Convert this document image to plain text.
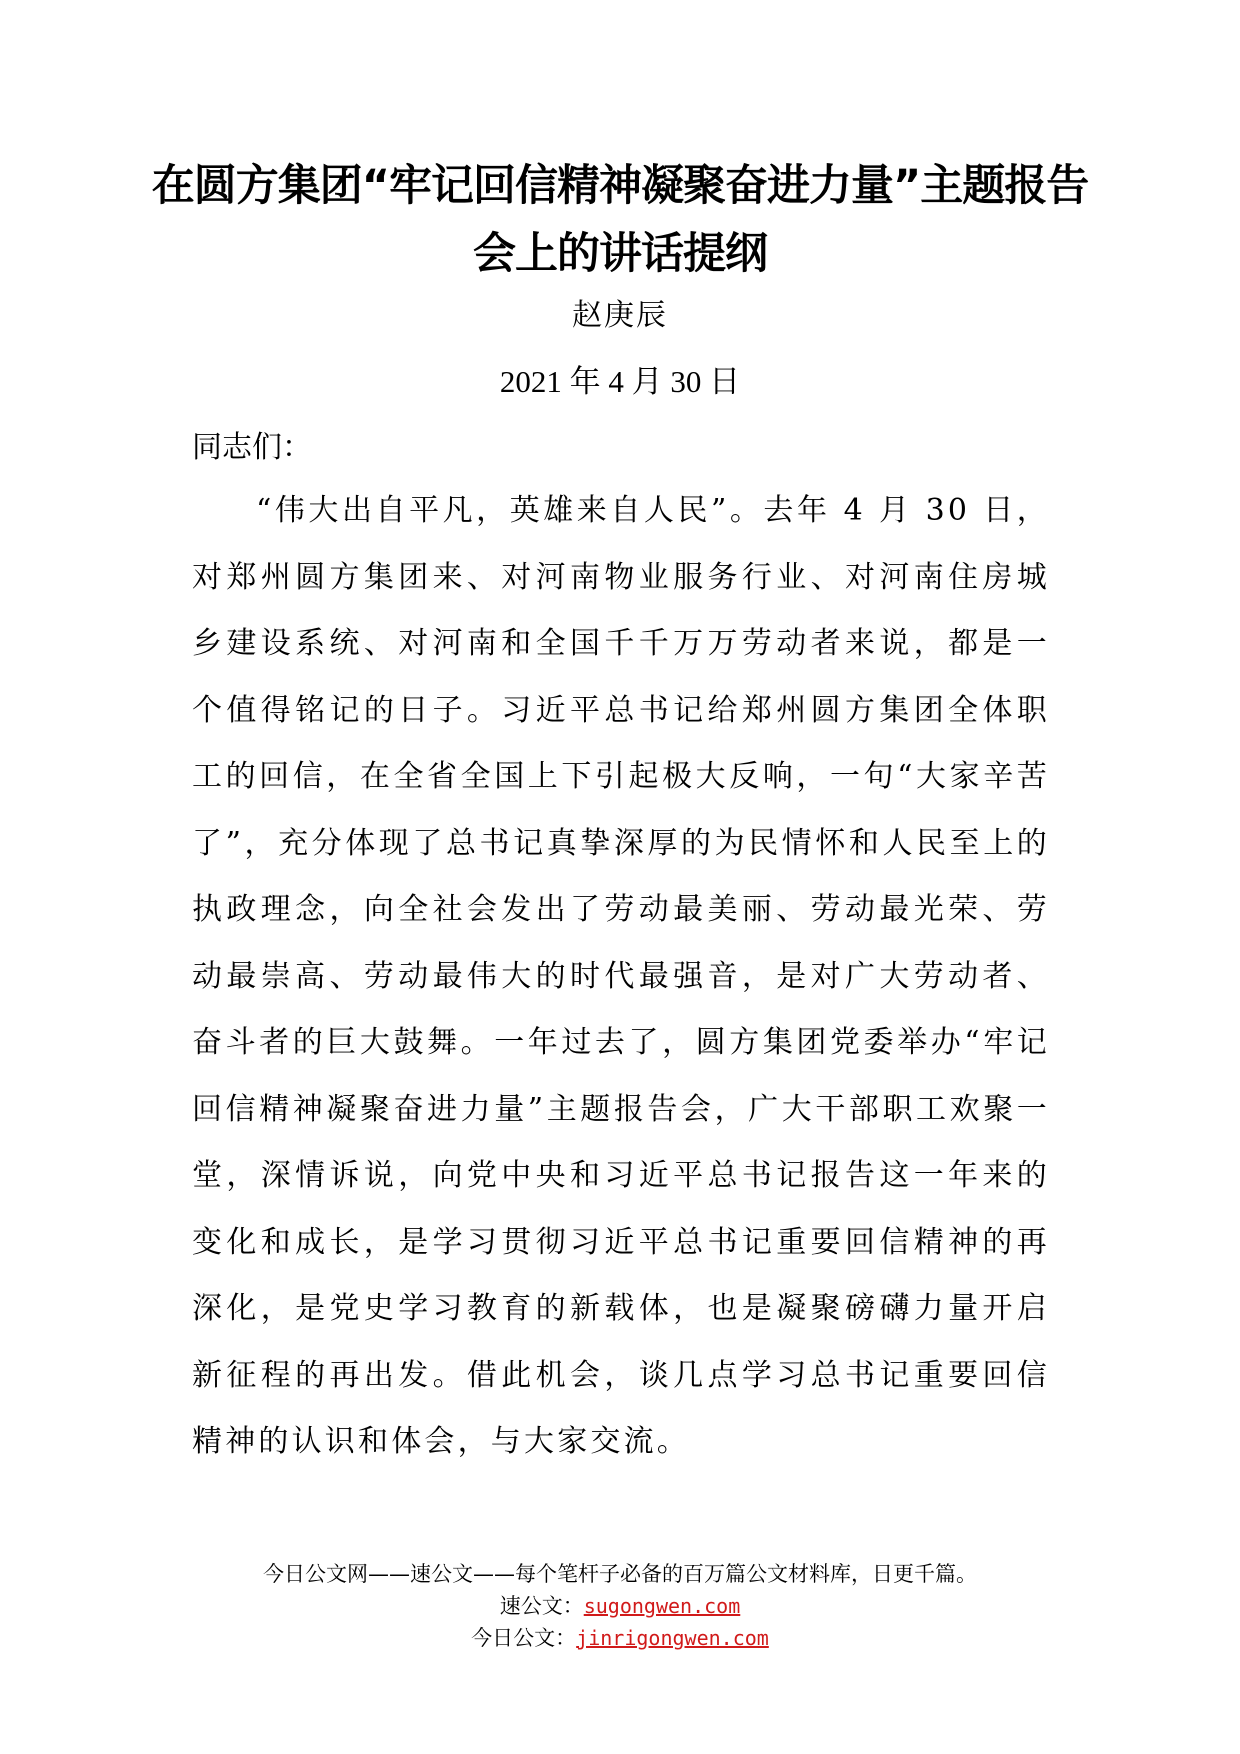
在圆方集团“牢记回信精神凝聚奋进力量”主题报告会上的讲话提纲
赵庚辰
2021 年 4 月 30 日
同志们：

“伟大出自平凡，英雄来自人民”。去年 4 月 30 日，对郑州圆方集团来、对河南物业服务行业、对河南住房城乡建设系统、对河南和全国千千万万劳动者来说，都是一个值得铭记的日子。习近平总书记给郑州圆方集团全体职工的回信，在全省全国上下引起极大反响，一句“大家辛苦了”，充分体现了总书记真挚深厚的为民情怀和人民至上的执政理念，向全社会发出了劳动最美丽、劳动最光荣、劳动最崇高、劳动最伟大的时代最强音，是对广大劳动者、奋斗者的巨大鼓舞。一年过去了，圆方集团党委举办“牢记回信精神凝聚奋进力量”主题报告会，广大干部职工欢聚一堂，深情诉说，向党中央和习近平总书记报告这一年来的变化和成长，是学习贯彻习近平总书记重要回信精神的再深化，是党史学习教育的新载体，也是凝聚磅礴力量开启新征程的再出发。借此机会，谈几点学习总书记重要回信精神的认识和体会，与大家交流。

今日公文网——速公文——每个笔杆子必备的百万篇公文材料库，日更千篇。
速公文：sugongwen.com
今日公文：jinrigongwen.com
